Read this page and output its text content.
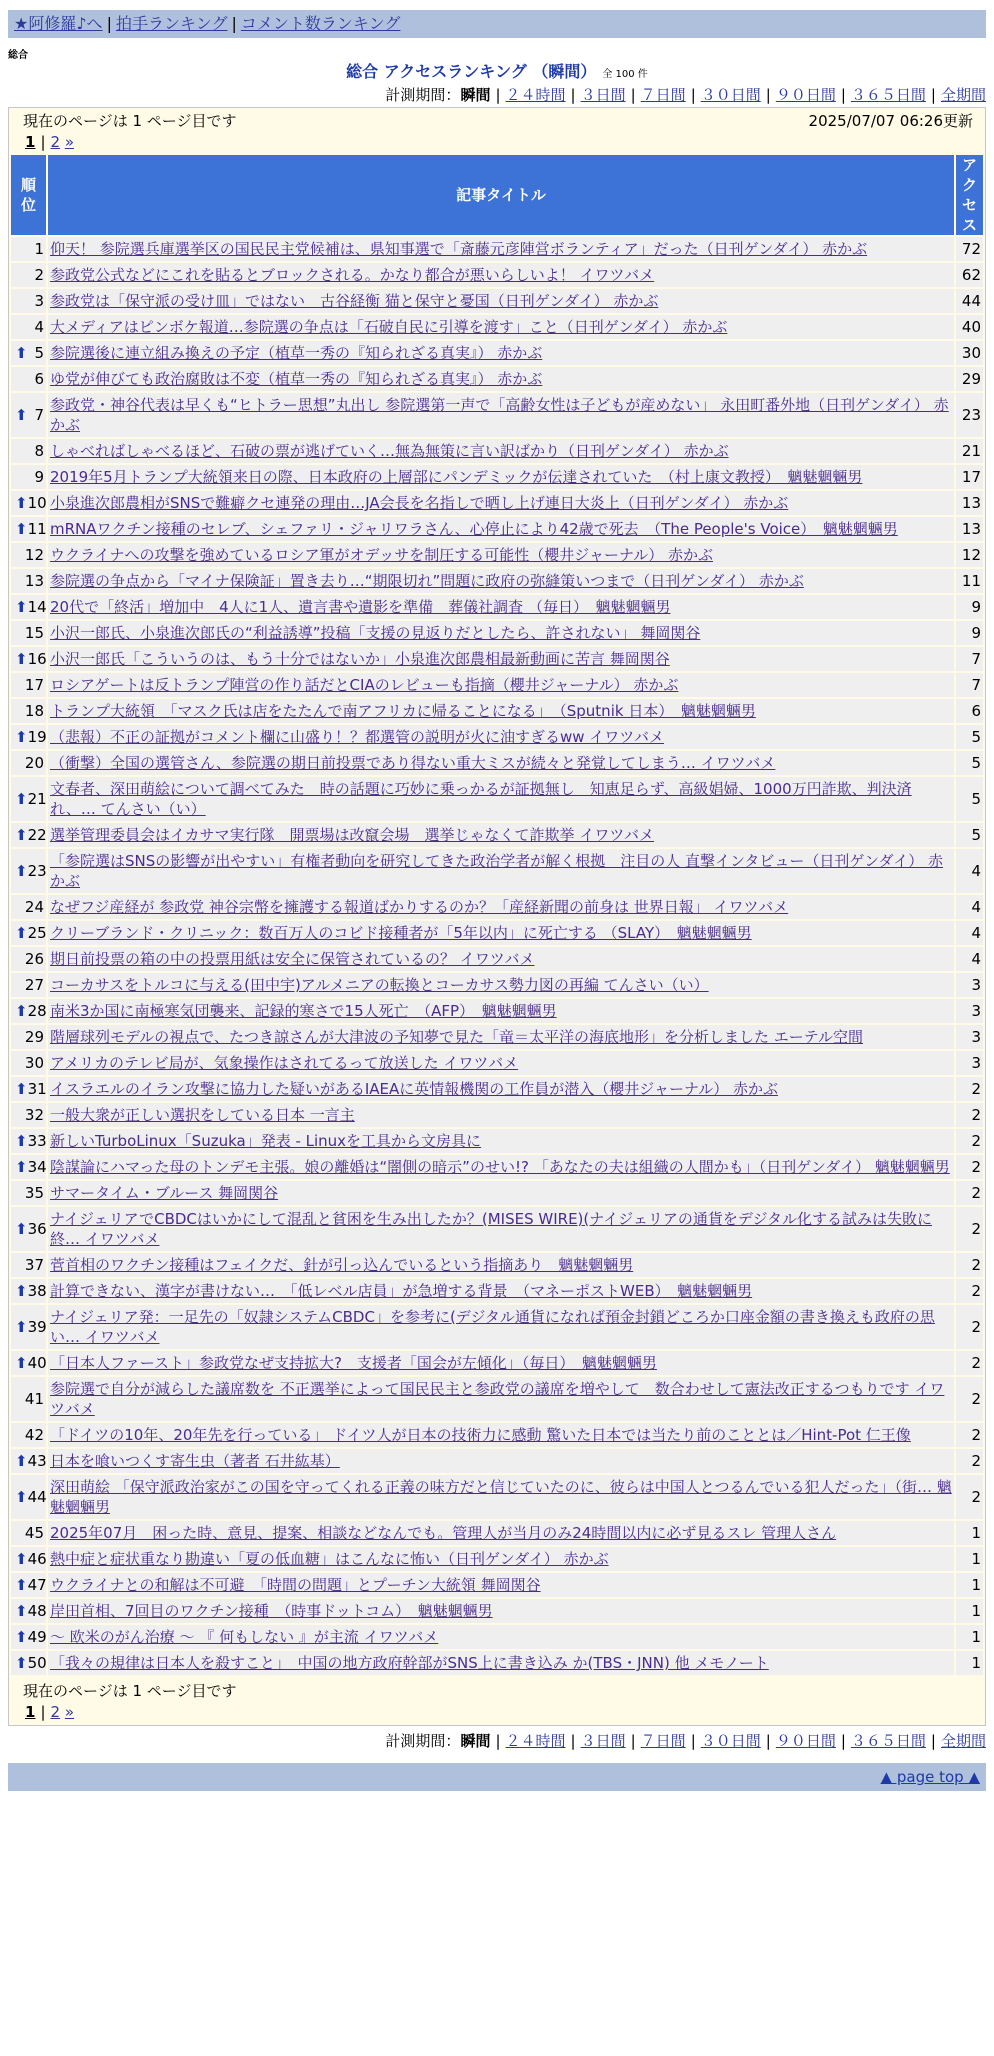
★阿修羅♪へ | 拍手ランキング | コメント数ランキング
総合
総合 アクセスランキング （瞬間） 全 100 件
計測期間：瞬間 | ２４時間 | ３日間 | ７日間 | ３０日間 | ９０日間 | ３６５日間 | 全期間
現在のページは 1 ページ目です	2025/07/07 06:26更新
1 | 2 »
順位	記事タイトル	アクセス
1	仰天！ 参院選兵庫選挙区の国民民主党候補は、県知事選で「斎藤元彦陣営ボランティア」だった（日刊ゲンダイ） 赤かぶ	72
2	参政党公式などにこれを貼るとブロックされる。かなり都合が悪いらしいよ！ イワツバメ	62
3	参政党は「保守派の受け皿」ではない　古谷経衡 猫と保守と憂国（日刊ゲンダイ） 赤かぶ	44
4	大メディアはピンボケ報道…参院選の争点は「石破自民に引導を渡す」こと（日刊ゲンダイ） 赤かぶ	40

⬆ 5	参院選後に連立組み換えの予定（植草一秀の『知られざる真実』） 赤かぶ	30
6	ゆ党が伸びても政治腐敗は不変（植草一秀の『知られざる真実』） 赤かぶ	29

⬆ 7	参政党・神谷代表は早くも“ヒトラー思想”丸出し 参院選第一声で「高齢女性は子どもが産めない」 永田町番外地（日刊ゲンダイ） 赤かぶ	23
8	しゃべればしゃべるほど、石破の票が逃げていく…無為無策に言い訳ばかり（日刊ゲンダイ） 赤かぶ	21
9	2019年5月トランプ大統領来日の際、日本政府の上層部にパンデミックが伝達されていた　（村上康文教授）　魑魅魍魎男	17

⬆ 10	小泉進次郎農相がSNSで難癖クセ連発の理由…JA会長を名指しで晒し上げ連日大炎上（日刊ゲンダイ） 赤かぶ	13

⬆ 11	mRNAワクチン接種のセレブ、シェファリ・ジャリワラさん、心停止により42歳で死去　（The People's Voice）　魑魅魍魎男	13
12	ウクライナへの攻撃を強めているロシア軍がオデッサを制圧する可能性（櫻井ジャーナル） 赤かぶ	12
13	参院選の争点から「マイナ保険証」置き去り…“期限切れ”問題に政府の弥縫策いつまで（日刊ゲンダイ） 赤かぶ	11

⬆ 14	20代で「終活」増加中　4人に1人、遺言書や遺影を準備　葬儀社調査 （毎日）　魑魅魍魎男	9
15	小沢一郎氏、小泉進次郎氏の“利益誘導”投稿「支援の見返りだとしたら、許されない」 舞岡関谷	9

⬆ 16	小沢一郎氏「こういうのは、もう十分ではないか」小泉進次郎農相最新動画に苦言 舞岡関谷	7
17	ロシアゲートは反トランプ陣営の作り話だとCIAのレビューも指摘（櫻井ジャーナル） 赤かぶ	7
18	トランプ大統領　「マスク氏は店をたたんで南アフリカに帰ることになる」　（Sputnik 日本）　魑魅魍魎男	6

⬆ 19	（悲報）不正の証拠がコメント欄に山盛り！？都選管の説明が火に油すぎるww イワツバメ	5
20	（衝撃）全国の選管さん、参院選の期日前投票であり得ない重大ミスが続々と発覚してしまう… イワツバメ	5

⬆ 21	文春者、深田萌絵について調べてみた　時の話題に巧妙に乗っかるが証拠無し　知恵足らず、高級娼婦、1000万円詐欺、判決済れ、… てんさい（い）	5

⬆ 22	選挙管理委員会はイカサマ実行隊　開票場は改竄会場　選挙じゃなくて詐欺挙 イワツバメ	5

⬆ 23	「参院選はSNSの影響が出やすい」有権者動向を研究してきた政治学者が解く根拠　注目の人 直撃インタビュー（日刊ゲンダイ） 赤かぶ	4
24	なぜフジ産経が 参政党 神谷宗幣を擁護する報道ばかりするのか？「産経新聞の前身は 世界日報」 イワツバメ	4

⬆ 25	クリーブランド・クリニック：数百万人のコビド接種者が「5年以内」に死亡する （SLAY）　魑魅魍魎男	4
26	期日前投票の箱の中の投票用紙は安全に保管されているの？ イワツバメ	4
27	コーカサスをトルコに与える(田中宇)アルメニアの転換とコーカサス勢力図の再編 てんさい（い）	3

⬆ 28	南米3か国に南極寒気団襲来、記録的寒さで15人死亡　（AFP）　魑魅魍魎男	3
29	階層球列モデルの視点で、たつき諒さんが大津波の予知夢で見た「竜＝太平洋の海底地形」を分析しました エーテル空間	3
30	アメリカのテレビ局が、気象操作はされてるって放送した イワツバメ	3

⬆ 31	イスラエルのイラン攻撃に協力した疑いがあるIAEAに英情報機関の工作員が潜入（櫻井ジャーナル） 赤かぶ	2
32	一般大衆が正しい選択をしている日本 一言主	2

⬆ 33	新しいTurboLinux「Suzuka」発表 - Linuxを工具から文房具に	2

⬆ 34	陰謀論にハマった母のトンデモ主張。娘の離婚は“闇側の暗示”のせい!? 「あなたの夫は組織の人間かも」（日刊ゲンダイ） 魑魅魍魎男	2
35	サマータイム・ブルース 舞岡関谷	2

⬆ 36	ナイジェリアでCBDCはいかにして混乱と貧困を生み出したか？(MISES WIRE)(ナイジェリアの通貨をデジタル化する試みは失敗に終… イワツバメ	2
37	菅首相のワクチン接種はフェイクだ、針が引っ込んでいるという指摘あり　魑魅魍魎男	2

⬆ 38	計算できない、漢字が書けない…　「低レベル店員」が急増する背景　（マネーポストWEB）　魑魅魍魎男	2

⬆ 39	ナイジェリア発：一足先の「奴隷システムCBDC」を参考に(デジタル通貨になれば預金封鎖どころか口座金額の書き換えも政府の思い… イワツバメ	2

⬆ 40	「日本人ファースト」参政党なぜ支持拡大?　支援者「国会が左傾化」（毎日）　魑魅魍魎男	2
41	参院選で自分が減らした議席数を 不正選挙によって国民民主と参政党の議席を増やして　数合わせして憲法改正するつもりです イワツバメ	2
42	「ドイツの10年、20年先を行っている」 ドイツ人が日本の技術力に感動 驚いた日本では当たり前のこととは／Hint-Pot 仁王像	2

⬆ 43	日本を喰いつくす寄生虫（著者 石井紘基）	2

⬆ 44	深田萌絵 「保守派政治家がこの国を守ってくれる正義の味方だと信じていたのに、彼らは中国人とつるんでいる犯人だった」（街… 魑魅魍魎男	2
45	2025年07月　困った時、意見、提案、相談などなんでも。管理人が当月のみ24時間以内に必ず見るスレ 管理人さん	1

⬆ 46	熱中症と症状重なり勘違い「夏の低血糖」はこんなに怖い（日刊ゲンダイ） 赤かぶ	1

⬆ 47	ウクライナとの和解は不可避　「時間の問題」とプーチン大統領 舞岡関谷	1

⬆ 48	岸田首相、7回目のワクチン接種　（時事ドットコム）　魑魅魍魎男	1

⬆ 49	～ 欧米のがん治療 ～ 『 何もしない 』が主流 イワツバメ	1

⬆ 50	「我々の規律は日本人を殺すこと」　中国の地方政府幹部がSNS上に書き込み か(TBS・JNN) 他 メモノート	1
現在のページは 1 ページ目です
1 | 2 »
計測期間：瞬間 | ２４時間 | ３日間 | ７日間 | ３０日間 | ９０日間 | ３６５日間 | 全期間
▲ page top ▲
